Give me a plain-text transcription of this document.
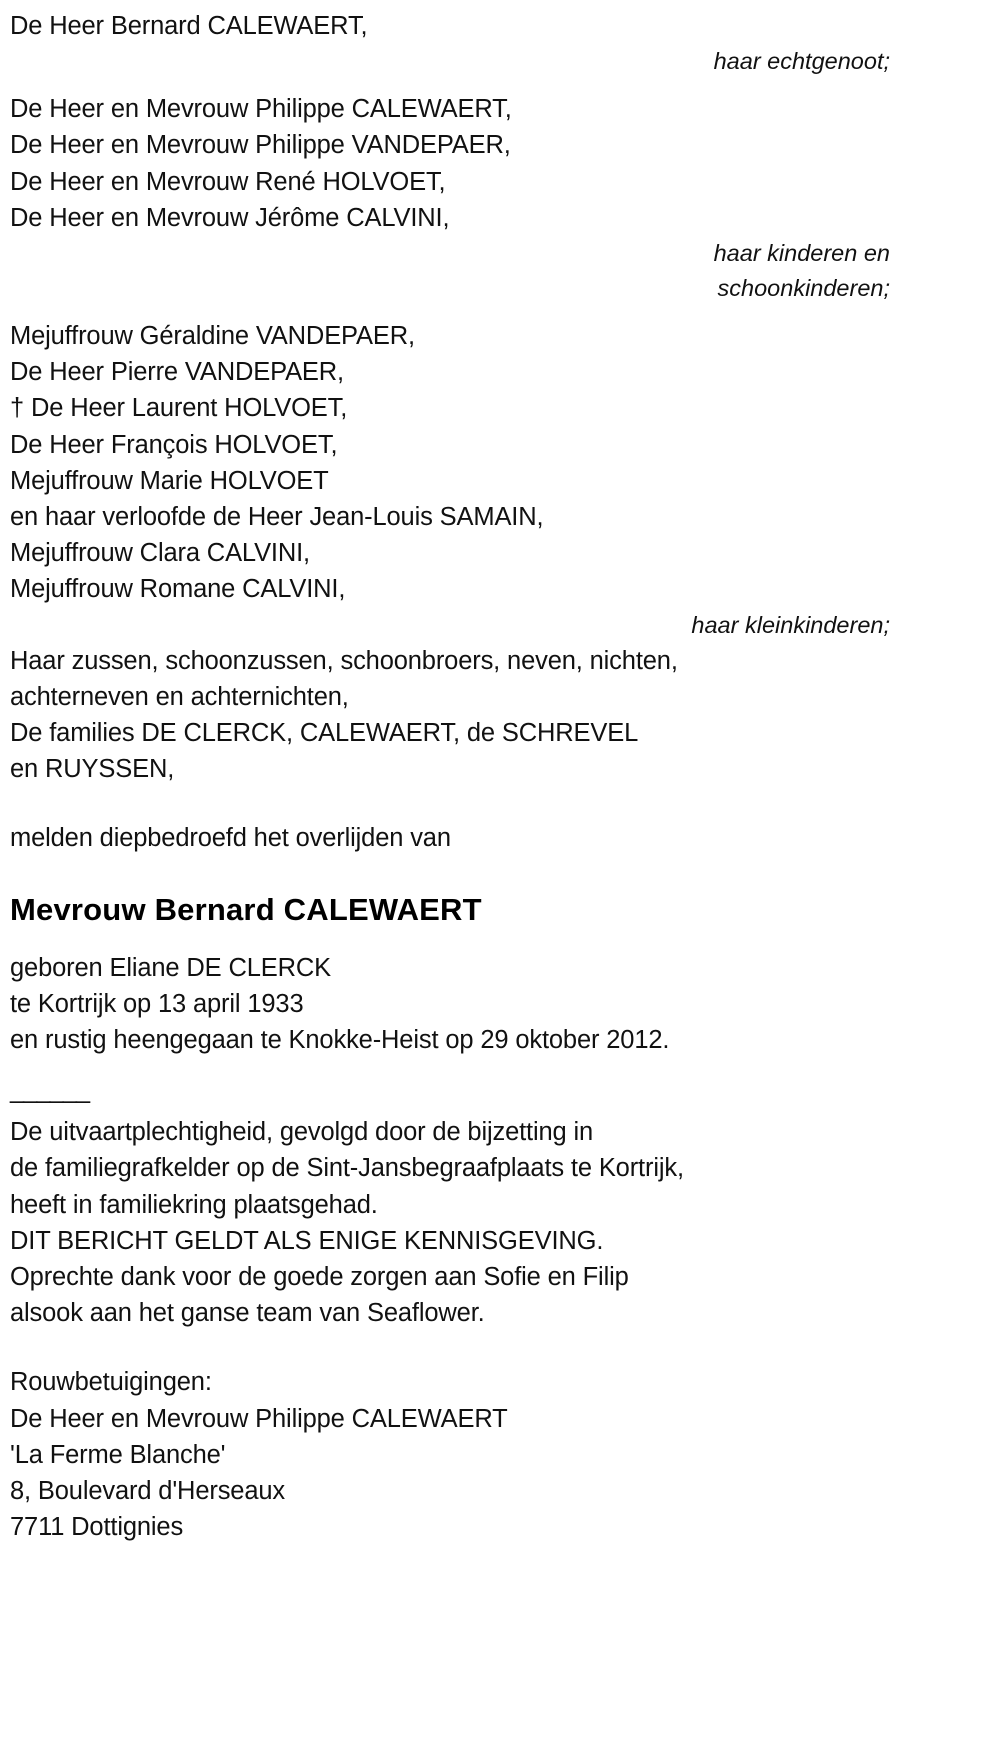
De Heer Bernard CALEWAERT,
haar echtgenoot;
De Heer en Mevrouw Philippe CALEWAERT,
De Heer en Mevrouw Philippe VANDEPAER,
De Heer en Mevrouw René HOLVOET,
De Heer en Mevrouw Jérôme CALVINI,
haar kinderen en
schoonkinderen;
Mejuffrouw Géraldine VANDEPAER,
De Heer Pierre VANDEPAER,
† De Heer Laurent HOLVOET,
De Heer François HOLVOET,
Mejuffrouw Marie HOLVOET
en haar verloofde de Heer Jean-Louis SAMAIN,
Mejuffrouw Clara CALVINI,
Mejuffrouw Romane CALVINI,
haar kleinkinderen;
Haar zussen, schoonzussen, schoonbroers, neven, nichten,
achterneven en achternichten,
De families DE CLERCK, CALEWAERT, de SCHREVEL
en RUYSSEN,
melden diepbedroefd het overlijden van
Mevrouw Bernard CALEWAERT
geboren Eliane DE CLERCK
te Kortrijk op 13 april 1933
en rustig heengegaan te Knokke-Heist op 29 oktober 2012.
______
De uitvaartplechtigheid, gevolgd door de bijzetting in
de familiegrafkelder op de Sint-Jansbegraafplaats te Kortrijk,
heeft in familiekring plaatsgehad.
DIT BERICHT GELDT ALS ENIGE KENNISGEVING.
Oprechte dank voor de goede zorgen aan Sofie en Filip
alsook aan het ganse team van Seaflower.
Rouwbetuigingen:
De Heer en Mevrouw Philippe CALEWAERT
'La Ferme Blanche'
8, Boulevard d'Herseaux
7711 Dottignies
